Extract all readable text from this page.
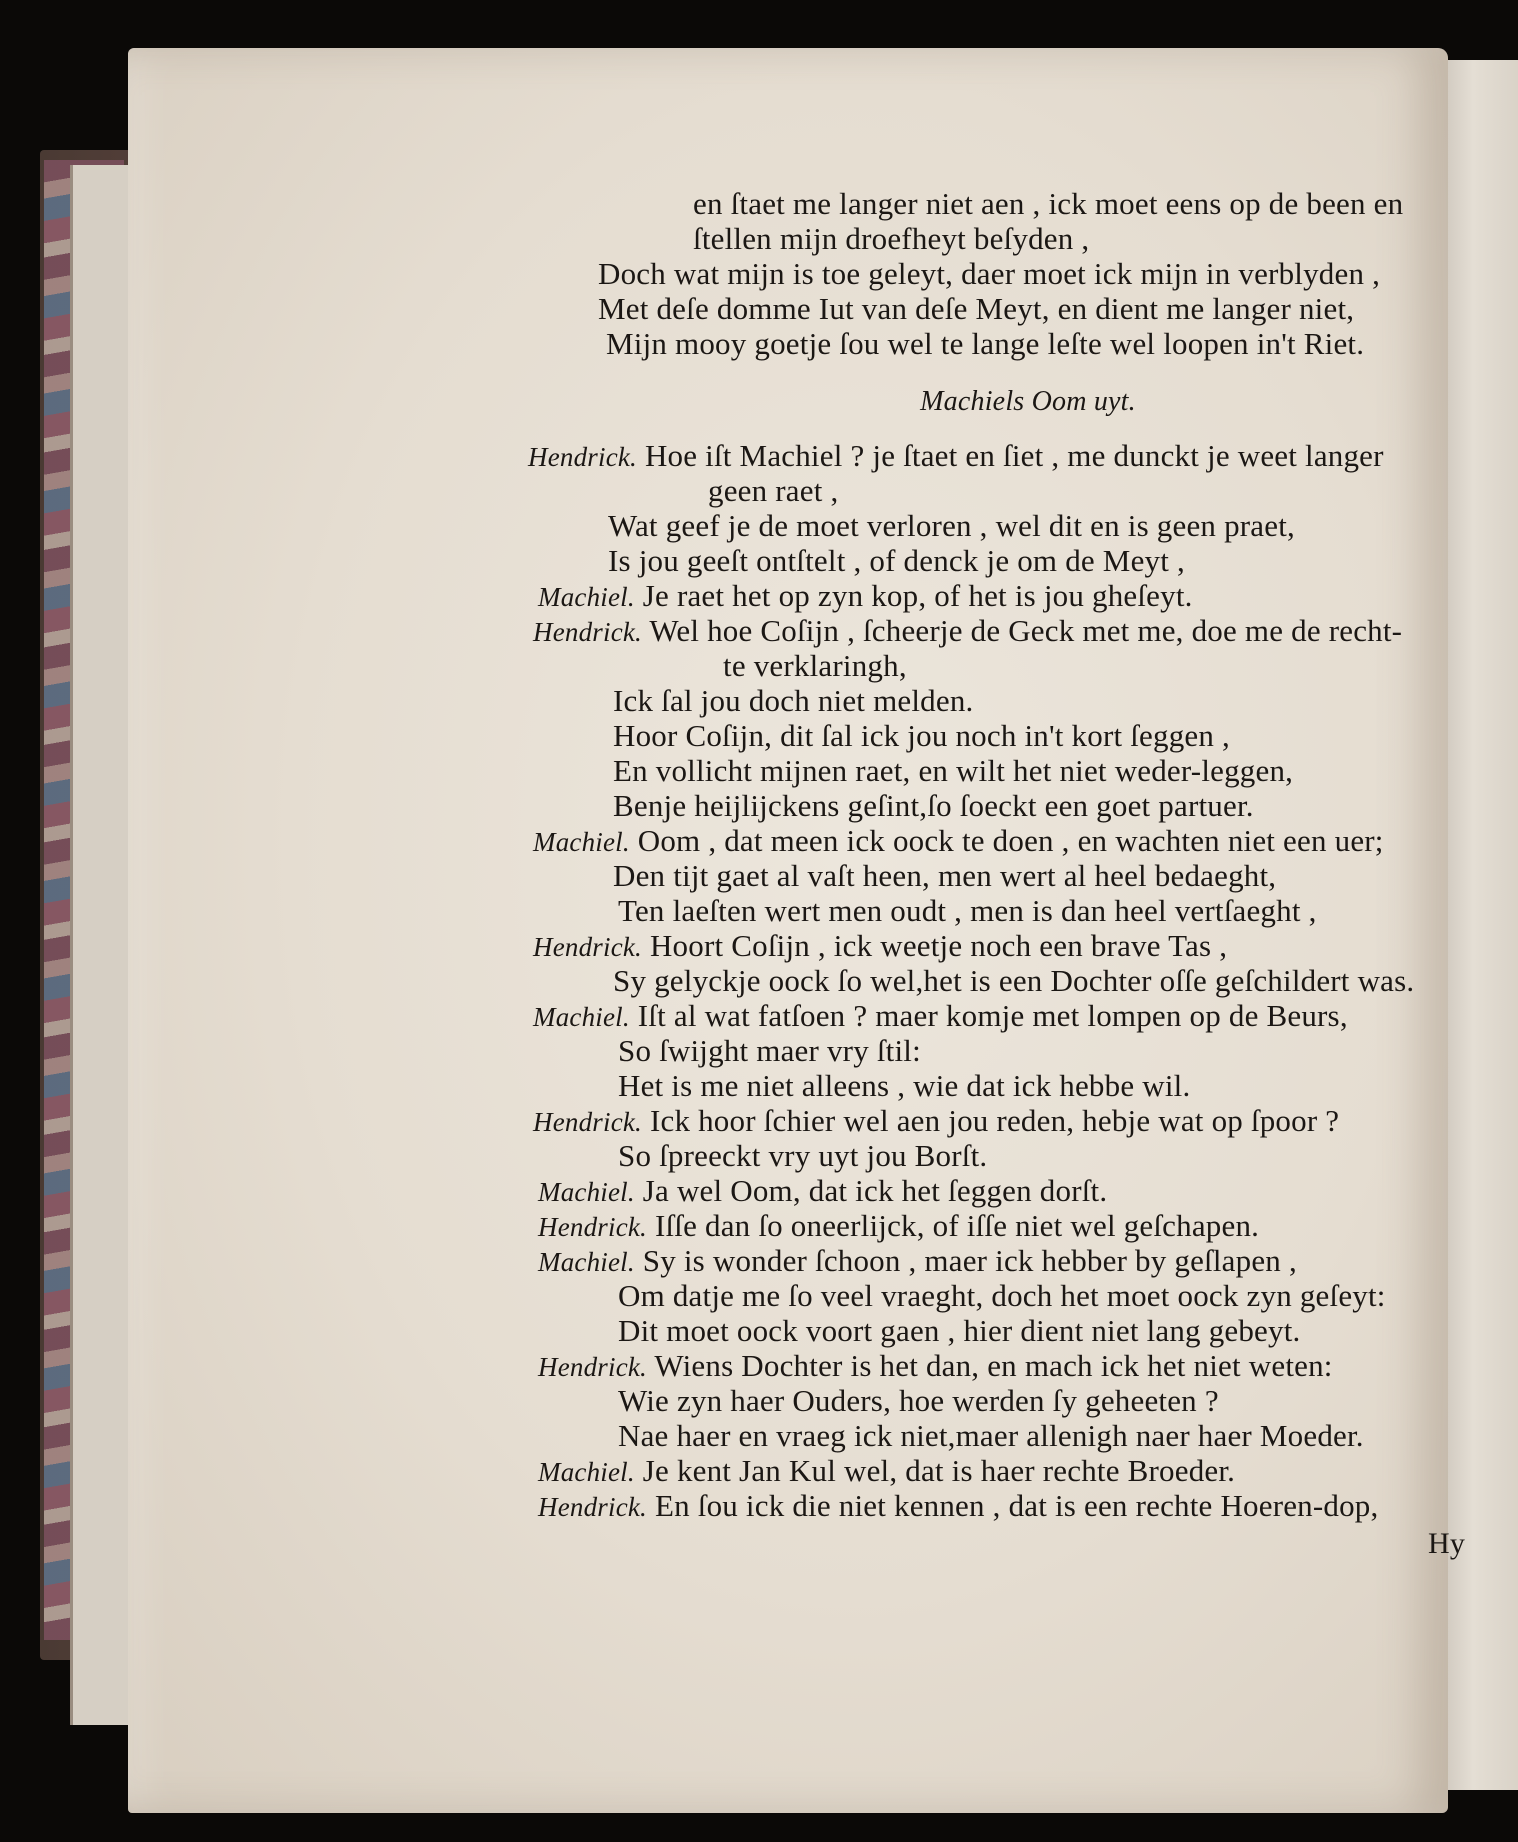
en ſtaet me langer niet aen , ick moet eens op de been en
ſtellen mijn droefheyt beſyden ,
Doch wat mijn is toe geleyt, daer moet ick mijn in verblyden ,
Met deſe domme Iut van deſe Meyt, en dient me langer niet,
Mijn mooy goetje ſou wel te lange leſte wel loopen in't Riet.
Machiels Oom uyt.
Hendrick. Hoe iſt Machiel ? je ſtaet en ſiet , me dunckt je weet langer
geen raet ,
Wat geef je de moet verloren , wel dit en is geen praet,
Is jou geeſt ontſtelt , of denck je om de Meyt ,
Machiel. Je raet het op zyn kop, of het is jou gheſeyt.
Hendrick. Wel hoe Coſijn , ſcheerje de Geck met me, doe me de recht-
te verklaringh,
Ick ſal jou doch niet melden.
Hoor Coſijn, dit ſal ick jou noch in't kort ſeggen ,
En vollicht mijnen raet, en wilt het niet weder-leggen,
Benje heijlijckens geſint,ſo ſoeckt een goet partuer.
Machiel. Oom , dat meen ick oock te doen , en wachten niet een uer;
Den tijt gaet al vaſt heen, men wert al heel bedaeght,
Ten laeſten wert men oudt , men is dan heel vertſaeght ,
Hendrick. Hoort Coſijn , ick weetje noch een brave Tas ,
Sy gelyckje oock ſo wel,het is een Dochter oſſe geſchildert was.
Machiel. Iſt al wat fatſoen ? maer komje met lompen op de Beurs,
So ſwijght maer vry ſtil:
Het is me niet alleens , wie dat ick hebbe wil.
Hendrick. Ick hoor ſchier wel aen jou reden, hebje wat op ſpoor ?
So ſpreeckt vry uyt jou Borſt.
Machiel. Ja wel Oom, dat ick het ſeggen dorſt.
Hendrick. Iſſe dan ſo oneerlijck, of iſſe niet wel geſchapen.
Machiel. Sy is wonder ſchoon , maer ick hebber by geſlapen ,
Om datje me ſo veel vraeght, doch het moet oock zyn geſeyt:
Dit moet oock voort gaen , hier dient niet lang gebeyt.
Hendrick. Wiens Dochter is het dan, en mach ick het niet weten:
Wie zyn haer Ouders, hoe werden ſy geheeten ?
Nae haer en vraeg ick niet,maer allenigh naer haer Moeder.
Machiel. Je kent Jan Kul wel, dat is haer rechte Broeder.
Hendrick. En ſou ick die niet kennen , dat is een rechte Hoeren-dop,
Hy
